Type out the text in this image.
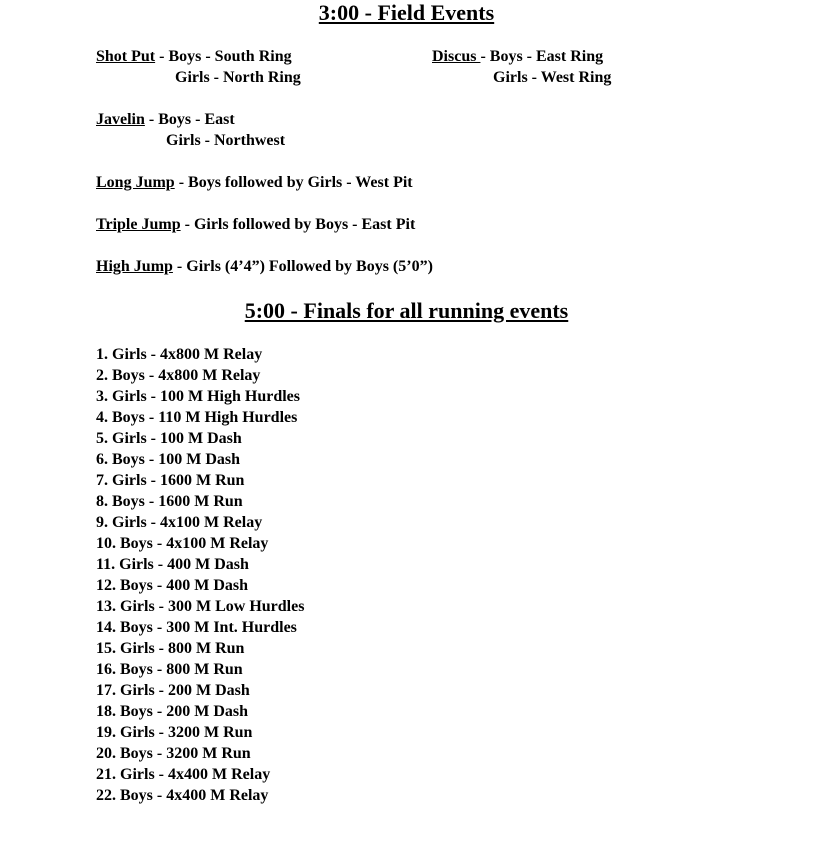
3:00 - Field Events
Shot Put - Boys - South Ring
Girls - North Ring
Discus - Boys - East Ring
Girls - West Ring
Javelin - Boys - East
Girls - Northwest
Long Jump - Boys followed by Girls - West Pit
Triple Jump - Girls followed by Boys - East Pit
High Jump - Girls (4’4”) Followed by Boys (5’0”)
5:00 - Finals for all running events
1. Girls - 4x800 M Relay
2. Boys - 4x800 M Relay
3. Girls - 100 M High Hurdles
4. Boys - 110 M High Hurdles
5. Girls - 100 M Dash
6. Boys - 100 M Dash
7. Girls - 1600 M Run
8. Boys - 1600 M Run
9. Girls - 4x100 M Relay
10. Boys - 4x100 M Relay
11. Girls - 400 M Dash
12. Boys - 400 M Dash
13. Girls - 300 M Low Hurdles
14. Boys - 300 M Int. Hurdles
15. Girls - 800 M Run
16. Boys - 800 M Run
17. Girls - 200 M Dash
18. Boys - 200 M Dash
19. Girls - 3200 M Run
20. Boys - 3200 M Run
21. Girls - 4x400 M Relay
22. Boys - 4x400 M Relay
